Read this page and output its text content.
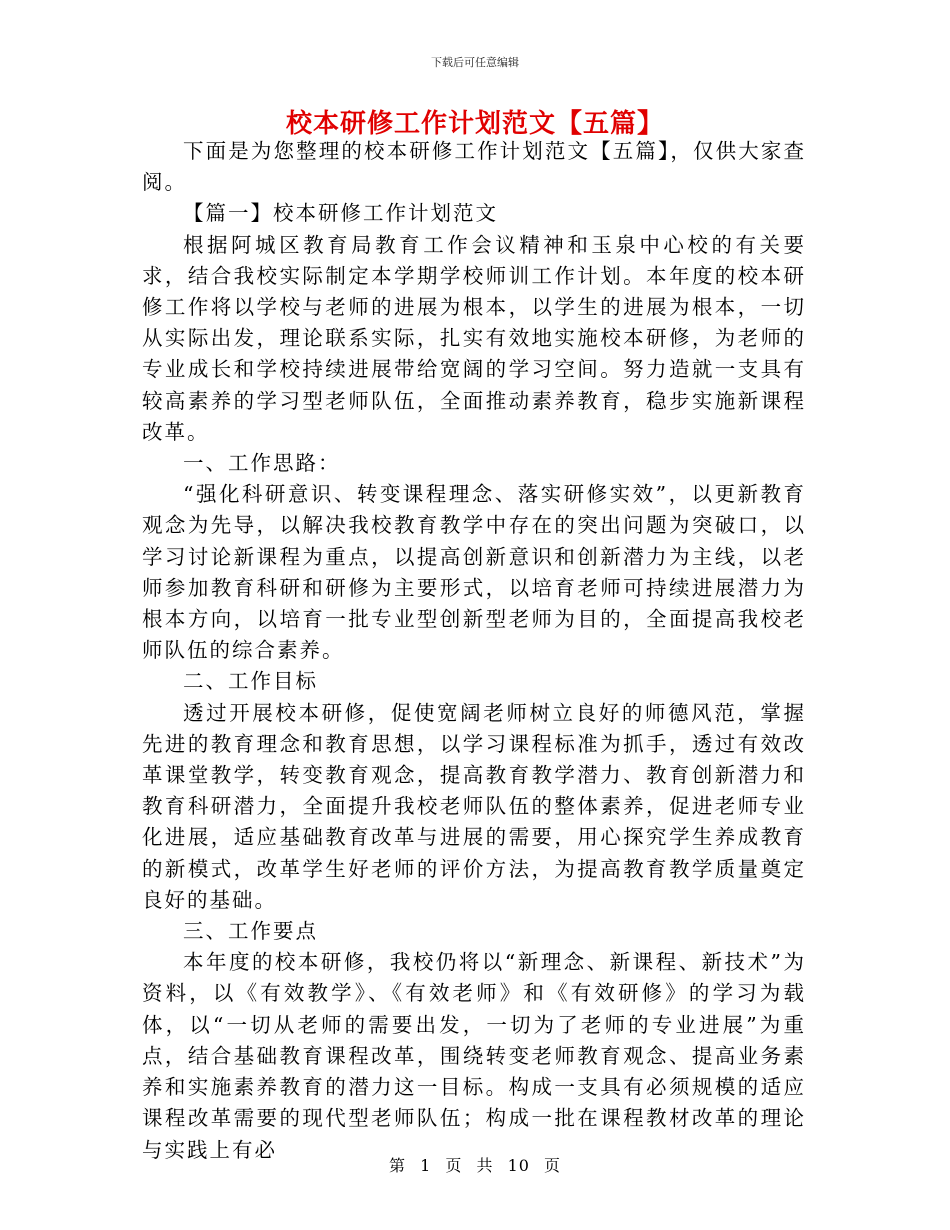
下载后可任意编辑
校本研修工作计划范文【五篇】

下面是为您整理的校本研修工作计划范文【五篇】，仅供大家查阅。

【篇一】校本研修工作计划范文

根据阿城区教育局教育工作会议精神和玉泉中心校的有关要求，结合我校实际制定本学期学校师训工作计划。本年度的校本研修工作将以学校与老师的进展为根本，以学生的进展为根本，一切从实际出发，理论联系实际，扎实有效地实施校本研修，为老师的专业成长和学校持续进展带给宽阔的学习空间。努力造就一支具有较高素养的学习型老师队伍，全面推动素养教育，稳步实施新课程改革。

一、工作思路：

“强化科研意识、转变课程理念、落实研修实效”，以更新教育观念为先导，以解决我校教育教学中存在的突出问题为突破口，以学习讨论新课程为重点，以提高创新意识和创新潜力为主线，以老师参加教育科研和研修为主要形式，以培育老师可持续进展潜力为根本方向，以培育一批专业型创新型老师为目的，全面提高我校老师队伍的综合素养。

二、工作目标

透过开展校本研修，促使宽阔老师树立良好的师德风范，掌握先进的教育理念和教育思想，以学习课程标准为抓手，透过有效改革课堂教学，转变教育观念，提高教育教学潜力、教育创新潜力和教育科研潜力，全面提升我校老师队伍的整体素养，促进老师专业化进展，适应基础教育改革与进展的需要，用心探究学生养成教育的新模式，改革学生好老师的评价方法，为提高教育教学质量奠定良好的基础。

三、工作要点

本年度的校本研修，我校仍将以“新理念、新课程、新技术”为资料，以《有效教学》、《有效老师》和《有效研修》的学习为载体，以“一切从老师的需要出发，一切为了老师的专业进展”为重点，结合基础教育课程改革，围绕转变老师教育观念、提高业务素养和实施素养教育的潜力这一目标。构成一支具有必须规模的适应课程改革需要的现代型老师队伍；构成一批在课程教材改革的理论与实践上有必

第 1 页 共 10 页
